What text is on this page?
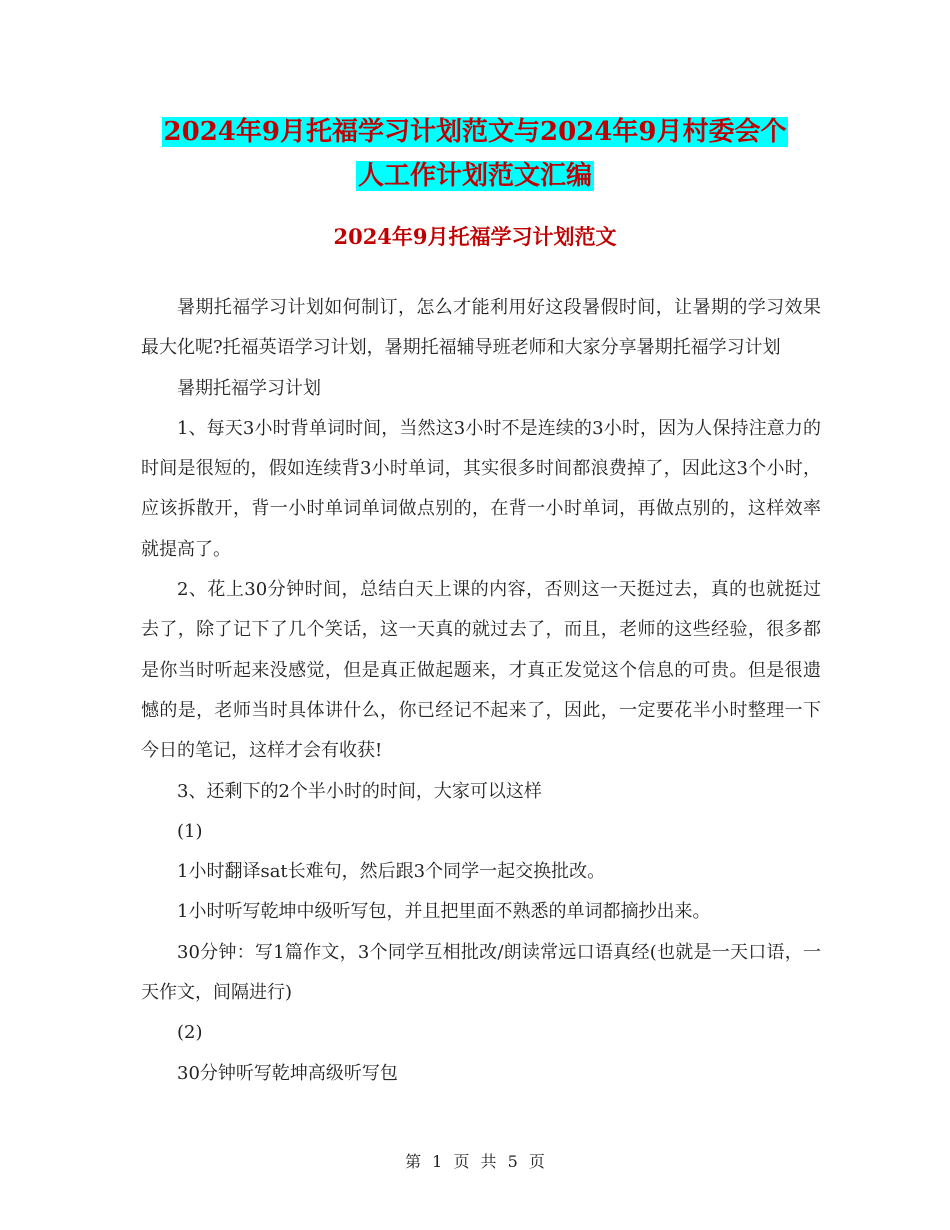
2024年9月托福学习计划范文与2024年9月村委会个
人工作计划范文汇编
2024年9月托福学习计划范文

暑期托福学习计划如何制订，怎么才能利用好这段暑假时间，让暑期的学习效果最大化呢?托福英语学习计划，暑期托福辅导班老师和大家分享暑期托福学习计划

暑期托福学习计划

1、每天3小时背单词时间，当然这3小时不是连续的3小时，因为人保持注意力的时间是很短的，假如连续背3小时单词，其实很多时间都浪费掉了，因此这3个小时，应该拆散开，背一小时单词单词做点别的，在背一小时单词，再做点别的，这样效率就提高了。

2、花上30分钟时间，总结白天上课的内容，否则这一天挺过去，真的也就挺过去了，除了记下了几个笑话，这一天真的就过去了，而且，老师的这些经验，很多都是你当时听起来没感觉，但是真正做起题来，才真正发觉这个信息的可贵。但是很遗憾的是，老师当时具体讲什么，你已经记不起来了，因此，一定要花半小时整理一下今日的笔记，这样才会有收获!

3、还剩下的2个半小时的时间，大家可以这样

(1)

1小时翻译sat长难句，然后跟3个同学一起交换批改。

1小时听写乾坤中级听写包，并且把里面不熟悉的单词都摘抄出来。

30分钟：写1篇作文，3个同学互相批改/朗读常远口语真经(也就是一天口语，一天作文，间隔进行)

(2)

30分钟听写乾坤高级听写包

第 1 页 共 5 页
